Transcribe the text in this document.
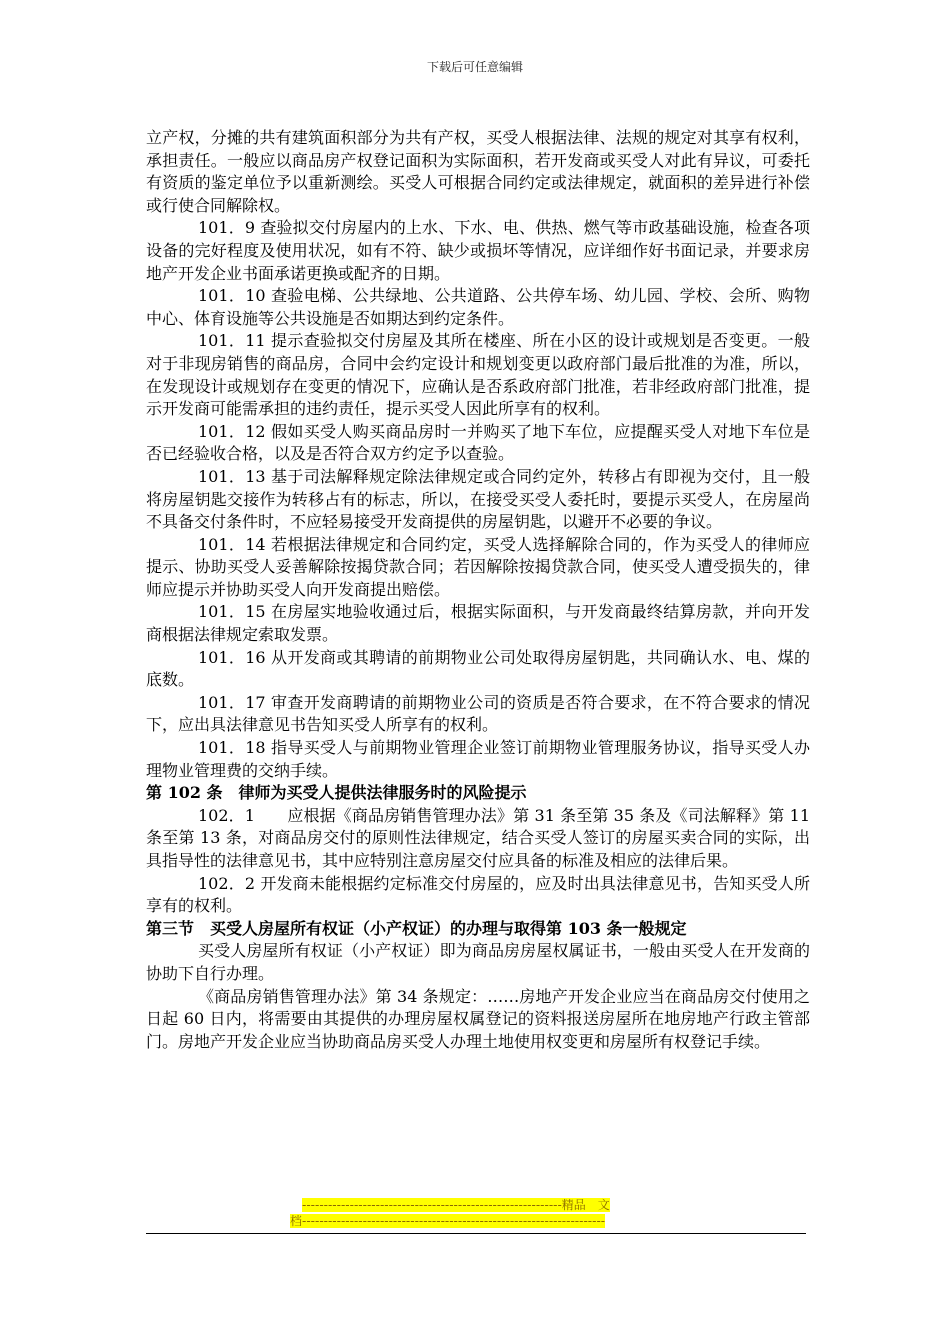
下载后可任意编辑

立产权，分摊的共有建筑面积部分为共有产权，买受人根据法律、法规的规定对其享有权利，承担责任。一般应以商品房产权登记面积为实际面积，若开发商或买受人对此有异议，可委托有资质的鉴定单位予以重新测绘。买受人可根据合同约定或法律规定，就面积的差异进行补偿或行使合同解除权。

101．9 查验拟交付房屋内的上水、下水、电、供热、燃气等市政基础设施，检查各项设备的完好程度及使用状况，如有不符、缺少或损坏等情况，应详细作好书面记录，并要求房地产开发企业书面承诺更换或配齐的日期。

101．10 查验电梯、公共绿地、公共道路、公共停车场、幼儿园、学校、会所、购物中心、体育设施等公共设施是否如期达到约定条件。

101．11 提示查验拟交付房屋及其所在楼座、所在小区的设计或规划是否变更。一般对于非现房销售的商品房，合同中会约定设计和规划变更以政府部门最后批准的为准，所以，在发现设计或规划存在变更的情况下，应确认是否系政府部门批准，若非经政府部门批准，提示开发商可能需承担的违约责任，提示买受人因此所享有的权利。

101．12 假如买受人购买商品房时一并购买了地下车位，应提醒买受人对地下车位是否已经验收合格，以及是否符合双方约定予以查验。

101．13 基于司法解释规定除法律规定或合同约定外，转移占有即视为交付，且一般将房屋钥匙交接作为转移占有的标志，所以，在接受买受人委托时，要提示买受人，在房屋尚不具备交付条件时，不应轻易接受开发商提供的房屋钥匙，以避开不必要的争议。

101．14 若根据法律规定和合同约定，买受人选择解除合同的，作为买受人的律师应提示、协助买受人妥善解除按揭贷款合同；若因解除按揭贷款合同，使买受人遭受损失的，律师应提示并协助买受人向开发商提出赔偿。

101．15 在房屋实地验收通过后，根据实际面积，与开发商最终结算房款，并向开发商根据法律规定索取发票。

101．16 从开发商或其聘请的前期物业公司处取得房屋钥匙，共同确认水、电、煤的底数。

101．17 审查开发商聘请的前期物业公司的资质是否符合要求，在不符合要求的情况下，应出具法律意见书告知买受人所享有的权利。

101．18 指导买受人与前期物业管理企业签订前期物业管理服务协议，指导买受人办理物业管理费的交纳手续。

第 102 条　律师为买受人提供法律服务时的风险提示

102．1　　应根据《商品房销售管理办法》第 31 条至第 35 条及《司法解释》第 11 条至第 13 条，对商品房交付的原则性法律规定，结合买受人签订的房屋买卖合同的实际，出具指导性的法律意见书，其中应特别注意房屋交付应具备的标准及相应的法律后果。

102．2 开发商未能根据约定标准交付房屋的，应及时出具法律意见书，告知买受人所享有的权利。

第三节　买受人房屋所有权证（小产权证）的办理与取得第 103 条一般规定

买受人房屋所有权证（小产权证）即为商品房房屋权属证书，一般由买受人在开发商的协助下自行办理。

《商品房销售管理办法》第 34 条规定：……房地产开发企业应当在商品房交付使用之日起 60 日内，将需要由其提供的办理房屋权属登记的资料报送房屋所在地房地产行政主管部门。房地产开发企业应当协助商品房买受人办理土地使用权变更和房屋所有权登记手续。

------------------------------------------------------------精品　文
档----------------------------------------------------------------------
